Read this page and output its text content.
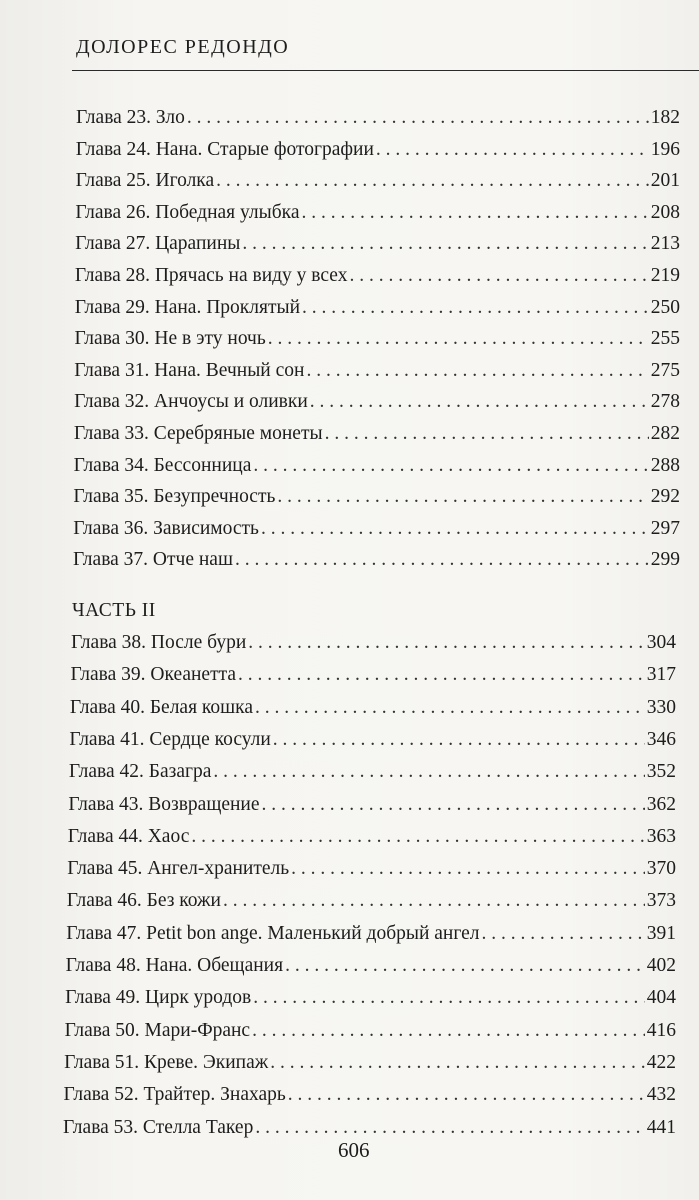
ДОЛОРЕС РЕДОНДО
Глава 23. Зло . . .	182
Глава 24. Нана. Старые фотографии . . .	196
Глава 25. Иголка . . .	201
Глава 26. Победная улыбка . . .	208
Глава 27. Царапины . . .	213
Глава 28. Прячась на виду у всех . . .	219
Глава 29. Нана. Проклятый . . .	250
Глава 30. Не в эту ночь . . .	255
Глава 31. Нана. Вечный сон . . .	275
Глава 32. Анчоусы и оливки . . .	278
Глава 33. Серебряные монеты . . .	282
Глава 34. Бессонница . . .	288
Глава 35. Безупречность . . .	292
Глава 36. Зависимость . . .	297
Глава 37. Отче наш . . .	299
ЧАСТЬ II
Глава 38. После бури . . .	304
Глава 39. Океанетта . . .	317
Глава 40. Белая кошка . . .	330
Глава 41. Сердце косули . . .	346
Глава 42. Базагра . . .	352
Глава 43. Возвращение . . .	362
Глава 44. Хаос . . .	363
Глава 45. Ангел-хранитель . . .	370
Глава 46. Без кожи . . .	373
Глава 47. Petit bon ange. Маленький добрый ангел . . .	391
Глава 48. Нана. Обещания . . .	402
Глава 49. Цирк уродов . . .	404
Глава 50. Мари-Франс . . .	416
Глава 51. Креве. Экипаж . . .	422
Глава 52. Трайтер. Знахарь . . .	432
Глава 53. Стелла Такер . . .	441
606
